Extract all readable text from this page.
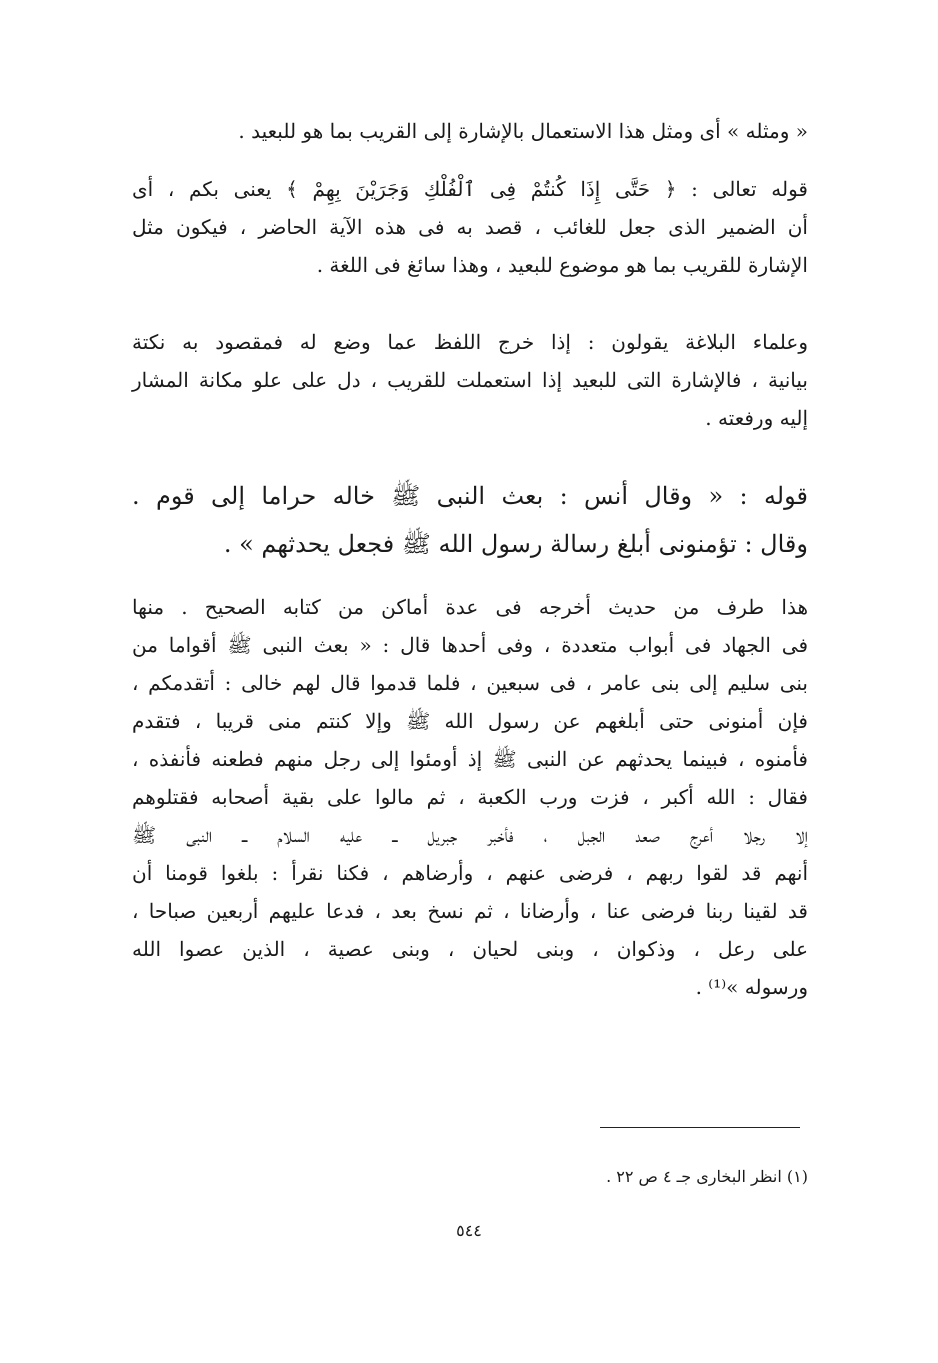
« ومثله » أى ومثل هذا الاستعمال بالإشارة إلى القريب بما هو للبعيد .
قوله تعالى : ﴿ حَتَّى إِذَا كُنتُمْ فِى ٱلْفُلْكِ وَجَرَيْنَ بِهِمْ ﴾ يعنى بكم ، أى
أن الضمير الذى جعل للغائب ، قصد به فى هذه الآية الحاضر ، فيكون مثل
الإشارة للقريب بما هو موضوع للبعيد ، وهذا سائغ فى اللغة .
وعلماء البلاغة يقولون : إذا خرج اللفظ عما وضع له فمقصود به نكتة
بيانية ، فالإشارة التى للبعيد إذا استعملت للقريب ، دل على علو مكانة المشار
إليه ورفعته .
قوله : « وقال أنس : بعث النبى ﷺ خاله حراما إلى قوم .
وقال : تؤمنونى أبلغ رسالة رسول الله ﷺ فجعل يحدثهم » .
هذا طرف من حديث أخرجه فى عدة أماكن من كتابه الصحيح . منها
فى الجهاد فى أبواب متعددة ، وفى أحدها قال : « بعث النبى ﷺ أقواما من
بنى سليم إلى بنى عامر ، فى سبعين ، فلما قدموا قال لهم خالى : أتقدمكم ،
فإن أمنونى حتى أبلغهم عن رسول الله ﷺ وإلا كنتم منى قريبا ، فتقدم
فأمنوه ، فبينما يحدثهم عن النبى ﷺ إذ أومئوا إلى رجل منهم فطعنه فأنفذه ،
فقال : الله أكبر ، فزت ورب الكعبة ، ثم مالوا على بقية أصحابه فقتلوهم
إلا رجلا أعرج صعد الجبل ، فأخبر جبريل ــ عليه السلام ــ النبى ﷺ
أنهم قد لقوا ربهم ، فرضى عنهم ، وأرضاهم ، فكنا نقرأ : بلغوا قومنا أن
قد لقينا ربنا فرضى عنا ، وأرضانا ، ثم نسخ بعد ، فدعا عليهم أربعين صباحا ،
على رعل ، وذكوان ، وبنى لحيان ، وبنى عصية ، الذين عصوا الله
ورسوله »⁽¹⁾ .
(١) انظر البخارى جـ ٤ ص ٢٢ .
٥٤٤
